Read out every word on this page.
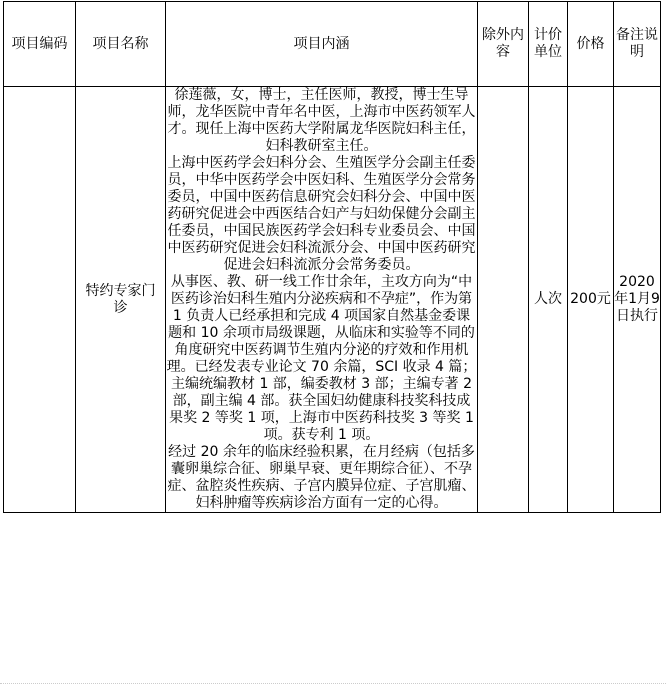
项目编码	项目名称	项目内涵	除外内容	计价单位	价格	备注说明
	特约专家门诊	徐莲薇，女，博士，主任医师，教授，博士生导师，龙华医院中青年名中医，上海市中医药领军人才。现任上海中医药大学附属龙华医院妇科主任，妇科教研室主任。

上海中医药学会妇科分会、生殖医学分会副主任委员，中华中医药学会中医妇科、生殖医学分会常务委员，中国中医药信息研究会妇科分会、中国中医药研究促进会中西医结合妇产与妇幼保健分会副主任委员，中国民族医药学会妇科专业委员会、中国中医药研究促进会妇科流派分会、中国中医药研究促进会妇科流派分会常务委员。

从事医、教、研一线工作廿余年，主攻方向为“中医药诊治妇科生殖内分泌疾病和不孕症”，作为第 1 负责人已经承担和完成 4 项国家自然基金委课题和 10 余项市局级课题，从临床和实验等不同的角度研究中医药调节生殖内分泌的疗效和作用机理。已经发表专业论文 70 余篇，SCI 收录 4 篇；主编统编教材 1 部，编委教材 3 部；主编专著 2 部，副主编 4 部。获全国妇幼健康科技奖科技成果奖 2 等奖 1 项，上海市中医药科技奖 3 等奖 1 项。获专利 1 项。

经过 20 余年的临床经验积累，在月经病（包括多囊卵巢综合征、卵巢早衰、更年期综合征）、不孕症、盆腔炎性疾病、子宫内膜异位症、子宫肌瘤、妇科肿瘤等疾病诊治方面有一定的心得。		人次	200元	2020年1月9日执行
